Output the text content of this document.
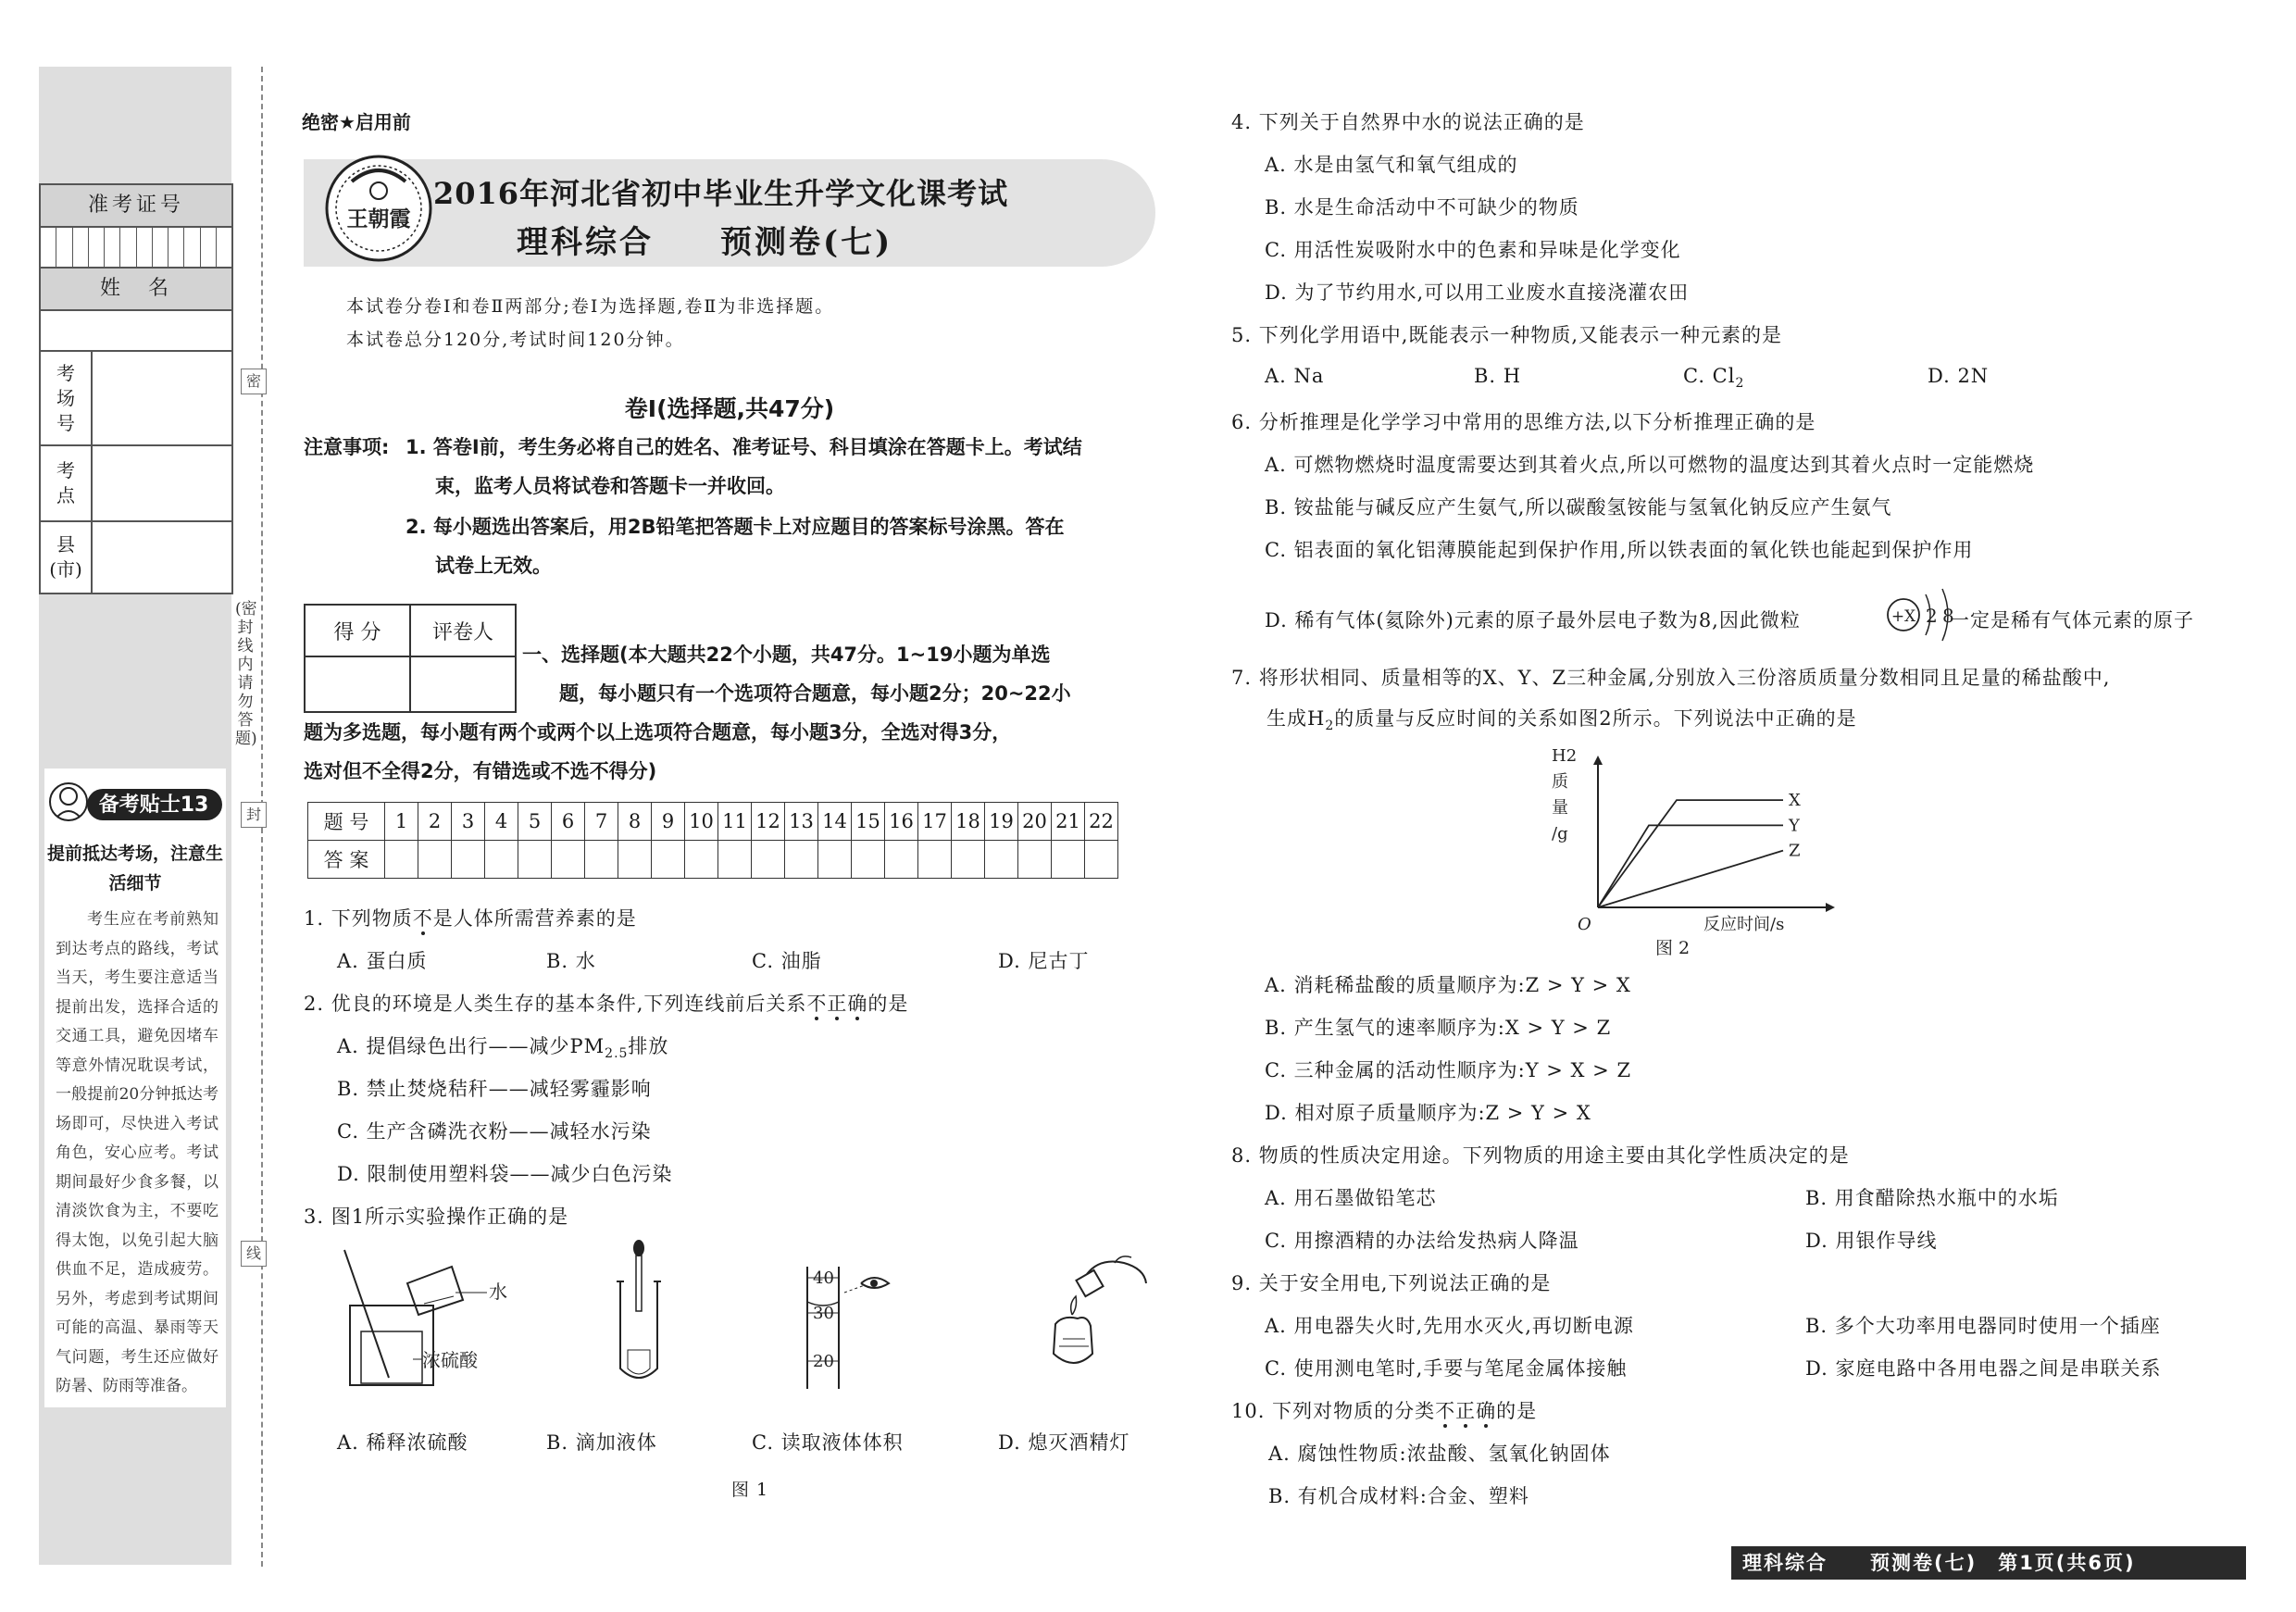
准考证号
姓　名
考
场
号
考
点
县
(市)
备考贴士13
提前抵达考场，注意生活细节
考生应在考前熟知到达考点的路线，考试当天，考生要注意适当提前出发，选择合适的交通工具，避免因堵车等意外情况耽误考试，一般提前20分钟抵达考场即可，尽快进入考试角色，安心应考。考试期间最好少食多餐，以清淡饮食为主，不要吃得太饱，以免引起大脑供血不足，造成疲劳。另外，考虑到考试期间可能的高温、暴雨等天气问题，考生还应做好防暑、防雨等准备。
密
封
线
(密封线内请勿答题)
绝密★启用前
王朝霞
2016年河北省初中毕业生升学文化课考试
理科综合 预测卷(七)
本试卷分卷Ⅰ和卷Ⅱ两部分;卷Ⅰ为选择题,卷Ⅱ为非选择题。
本试卷总分120分,考试时间120分钟。
卷Ⅰ(选择题,共47分)
注意事项: 1. 答卷Ⅰ前，考生务必将自己的姓名、准考证号、科目填涂在答题卡上。考试结
束，监考人员将试卷和答题卡一并收回。
2. 每小题选出答案后，用2B铅笔把答题卡上对应题目的答案标号涂黑。答在
试卷上无效。
得 分	评卷人

一、选择题(本大题共22个小题，共47分。1~19小题为单选
题，每小题只有一个选项符合题意，每小题2分；20~22小
题为多选题，每小题有两个或两个以上选项符合题意，每小题3分，全选对得3分，
选对但不全得2分，有错选或不选不得分)
题 号	1	2	3	4	5	6	7	8	9	10	11	12	13	14	15	16	17	18	19	20	21	22
答 案																						
1. 下列物质不是人体所需营养素的是
A. 蛋白质	B. 水	C. 油脂	D. 尼古丁
2. 优良的环境是人类生存的基本条件,下列连线前后关系不正确的是
A. 提倡绿色出行——减少$PM_{2.5}$排放
B. 禁止焚烧秸秆——减轻雾霾影响
C. 生产含磷洗衣粉——减轻水污染
D. 限制使用塑料袋——减少白色污染
3. 图1所示实验操作正确的是
水
浓硫酸
40
30
20
A. 稀释浓硫酸	B. 滴加液体	C. 读取液体体积	D. 熄灭酒精灯
图 1
4. 下列关于自然界中水的说法正确的是
A. 水是由氢气和氧气组成的
B. 水是生命活动中不可缺少的物质
C. 用活性炭吸附水中的色素和异味是化学变化
D. 为了节约用水,可以用工业废水直接浇灌农田
5. 下列化学用语中,既能表示一种物质,又能表示一种元素的是
A. Na	B. H	C. $Cl_2$	D. 2N
6. 分析推理是化学学习中常用的思维方法,以下分析推理正确的是
A. 可燃物燃烧时温度需要达到其着火点,所以可燃物的温度达到其着火点时一定能燃烧
B. 铵盐能与碱反应产生氨气,所以碳酸氢铵能与氢氧化钠反应产生氨气
C. 铝表面的氧化铝薄膜能起到保护作用,所以铁表面的氧化铁也能起到保护作用
D. 稀有气体(氦除外)元素的原子最外层电子数为8,因此微粒	+X 2 8
一定是稀有气体元素的原子
7. 将形状相同、质量相等的X、Y、Z三种金属,分别放入三份溶质质量分数相同且足量的稀盐酸中,
生成$H_2$的质量与反应时间的关系如图2所示。下列说法中正确的是
X
Y
Z
H2 质量/g
反应时间/s
O
图 2
A. 消耗稀盐酸的质量顺序为:Z > Y > X
B. 产生氢气的速率顺序为:X > Y > Z
C. 三种金属的活动性顺序为:Y > X > Z
D. 相对原子质量顺序为:Z > Y > X
8. 物质的性质决定用途。下列物质的用途主要由其化学性质决定的是
A. 用石墨做铅笔芯	B. 用食醋除热水瓶中的水垢
C. 用擦酒精的办法给发热病人降温	D. 用银作导线
9. 关于安全用电,下列说法正确的是
A. 用电器失火时,先用水灭火,再切断电源	B. 多个大功率用电器同时使用一个插座
C. 使用测电笔时,手要与笔尾金属体接触	D. 家庭电路中各用电器之间是串联关系
10. 下列对物质的分类不正确的是
A. 腐蚀性物质:浓盐酸、氢氧化钠固体
B. 有机合成材料:合金、塑料
理科综合　　预测卷(七)　第1页(共6页)
